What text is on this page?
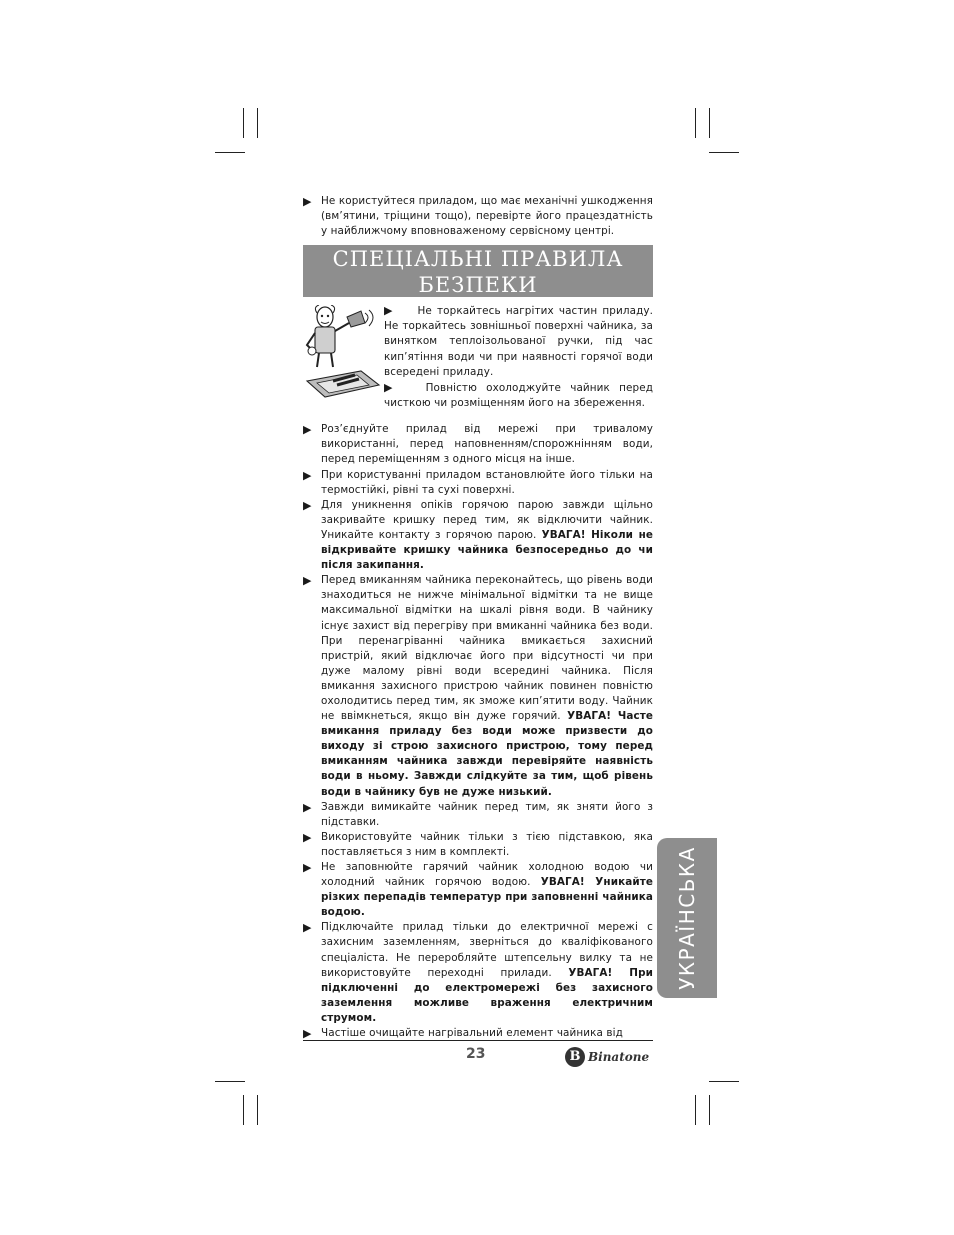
▶ Не користуйтеся приладом, що має механічні ушкодження (вм’ятини, тріщини тощо), перевірте його працездатність у найближчому вповноваженому сервісному центрі.
СПЕЦІАЛЬНІ ПРАВИЛА
БЕЗПЕКИ
▶ Не торкайтесь нагрітих частин приладу. Не торкайтесь зовнішньої поверхні чайника, за винятком теплоізольованої ручки, під час кип’ятіння води чи при наявності горячої води всередені приладу.
▶	Повністю охолоджуйте чайник перед чисткою чи розміщенням його на збереження.
▶ Роз’єднуйте прилад від мережі при тривалому використанні, перед наповненням/спорожнінням води, перед переміщенням з одного місця на інше.
▶ При користуванні приладом встановлюйте його тільки на термостійкі, рівні та сухі поверхні.
▶ Для уникнення опіків горячою парою завжди щільно закривайте кришку перед тим, як відключити чайник. Уникайте контакту з горячою парою. УВАГА! Ніколи не відкривайте кришку чайника безпосередньо до чи після закипання.
▶ Перед вмиканням чайника переконайтесь, що рівень води знаходиться не нижче мінімальної відмітки та не вище максимальної відмітки на шкалі рівня води. В чайнику існує захист від перегріву при вмиканні чайника без води. При перенагріванні чайника вмикається захисний пристрій, який відключає його при відсутності чи при дуже малому рівні води всередині чайника. Після вмикання захисного пристрою чайник повинен повністю охолодитись перед тим, як зможе кип’ятити воду. Чайник не ввімкнеться, якщо він дуже горячий. УВАГА! Часте вмикання приладу без води може призвести до виходу зі строю захисного пристрою, тому перед вмиканням чайника завжди перевіряйте наявність води в ньому. Завжди слідкуйте за тим, щоб рівень води в чайнику був не дуже низький.
▶ Завжди вимикайте чайник перед тим, як зняти його з підставки.
▶ Використовуйте чайник тільки з тією підставкою, яка поставляється з ним в комплекті.
▶ Не заповнюйте гарячий чайник холодною водою чи холодний чайник горячою водою. УВАГА! Уникайте різких перепадів температур при заповненні чайника водою.
▶ Підключайте прилад тільки до електричної мережі с захисним заземленням, зверніться до кваліфікованого спеціаліста. Не переробляйте штепсельну вилку та не використовуйте переходні прилади. УВАГА! При підключенні до електромережі без захисного заземлення можливе враження електричним струмом.
▶ Частіше очищайте нагрівальний елемент чайника від
23	B Binatone
УКРАЇНСЬКА
